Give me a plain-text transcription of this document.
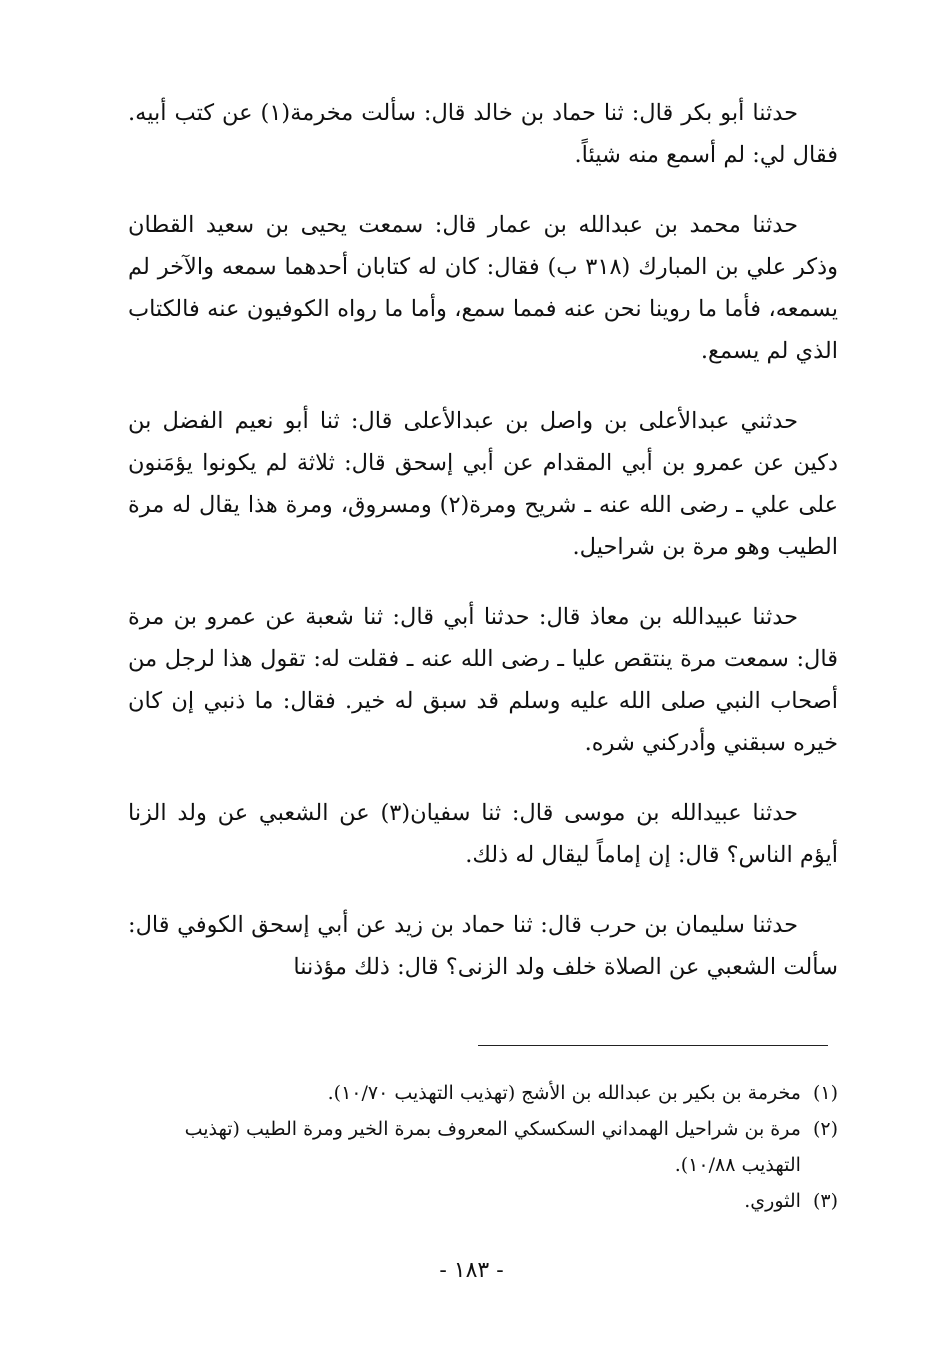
حدثنا أبو بكر قال: ثنا حماد بن خالد قال: سألت مخرمة(١) عن كتب أبيه. فقال لي: لم أسمع منه شيئاً.

حدثنا محمد بن عبدالله بن عمار قال: سمعت يحيى بن سعيد القطان وذكر علي بن المبارك (٣١٨ ب) فقال: كان له كتابان أحدهما سمعه والآخر لم يسمعه، فأما ما روينا نحن عنه فمما سمع، وأما ما رواه الكوفيون عنه فالكتاب الذي لم يسمع.

حدثني عبدالأعلى بن واصل بن عبدالأعلى قال: ثنا أبو نعيم الفضل بن دكين عن عمرو بن أبي المقدام عن أبي إسحق قال: ثلاثة لم يكونوا يؤمَنون على علي ـ رضى الله عنه ـ شريح ومرة(٢) ومسروق، ومرة هذا يقال له مرة الطيب وهو مرة بن شراحيل.

حدثنا عبيدالله بن معاذ قال: حدثنا أبي قال: ثنا شعبة عن عمرو بن مرة قال: سمعت مرة ينتقص عليا ـ رضى الله عنه ـ فقلت له: تقول هذا لرجل من أصحاب النبي صلى الله عليه وسلم قد سبق له خير. فقال: ما ذنبي إن كان خيره سبقني وأدركني شره.

حدثنا عبيدالله بن موسى قال: ثنا سفيان(٣) عن الشعبي عن ولد الزنا أيؤم الناس؟ قال: إن إماماً ليقال له ذلك.

حدثنا سليمان بن حرب قال: ثنا حماد بن زيد عن أبي إسحق الكوفي قال: سألت الشعبي عن الصلاة خلف ولد الزنى؟ قال: ذلك مؤذننا

(١)
مخرمة بن بكير بن عبدالله بن الأشج (تهذيب التهذيب ١٠/٧٠).
(٢)
مرة بن شراحيل الهمداني السكسكي المعروف بمرة الخير ومرة الطيب (تهذيب التهذيب ١٠/٨٨).
(٣)
الثوري.
- ١٨٣ -
